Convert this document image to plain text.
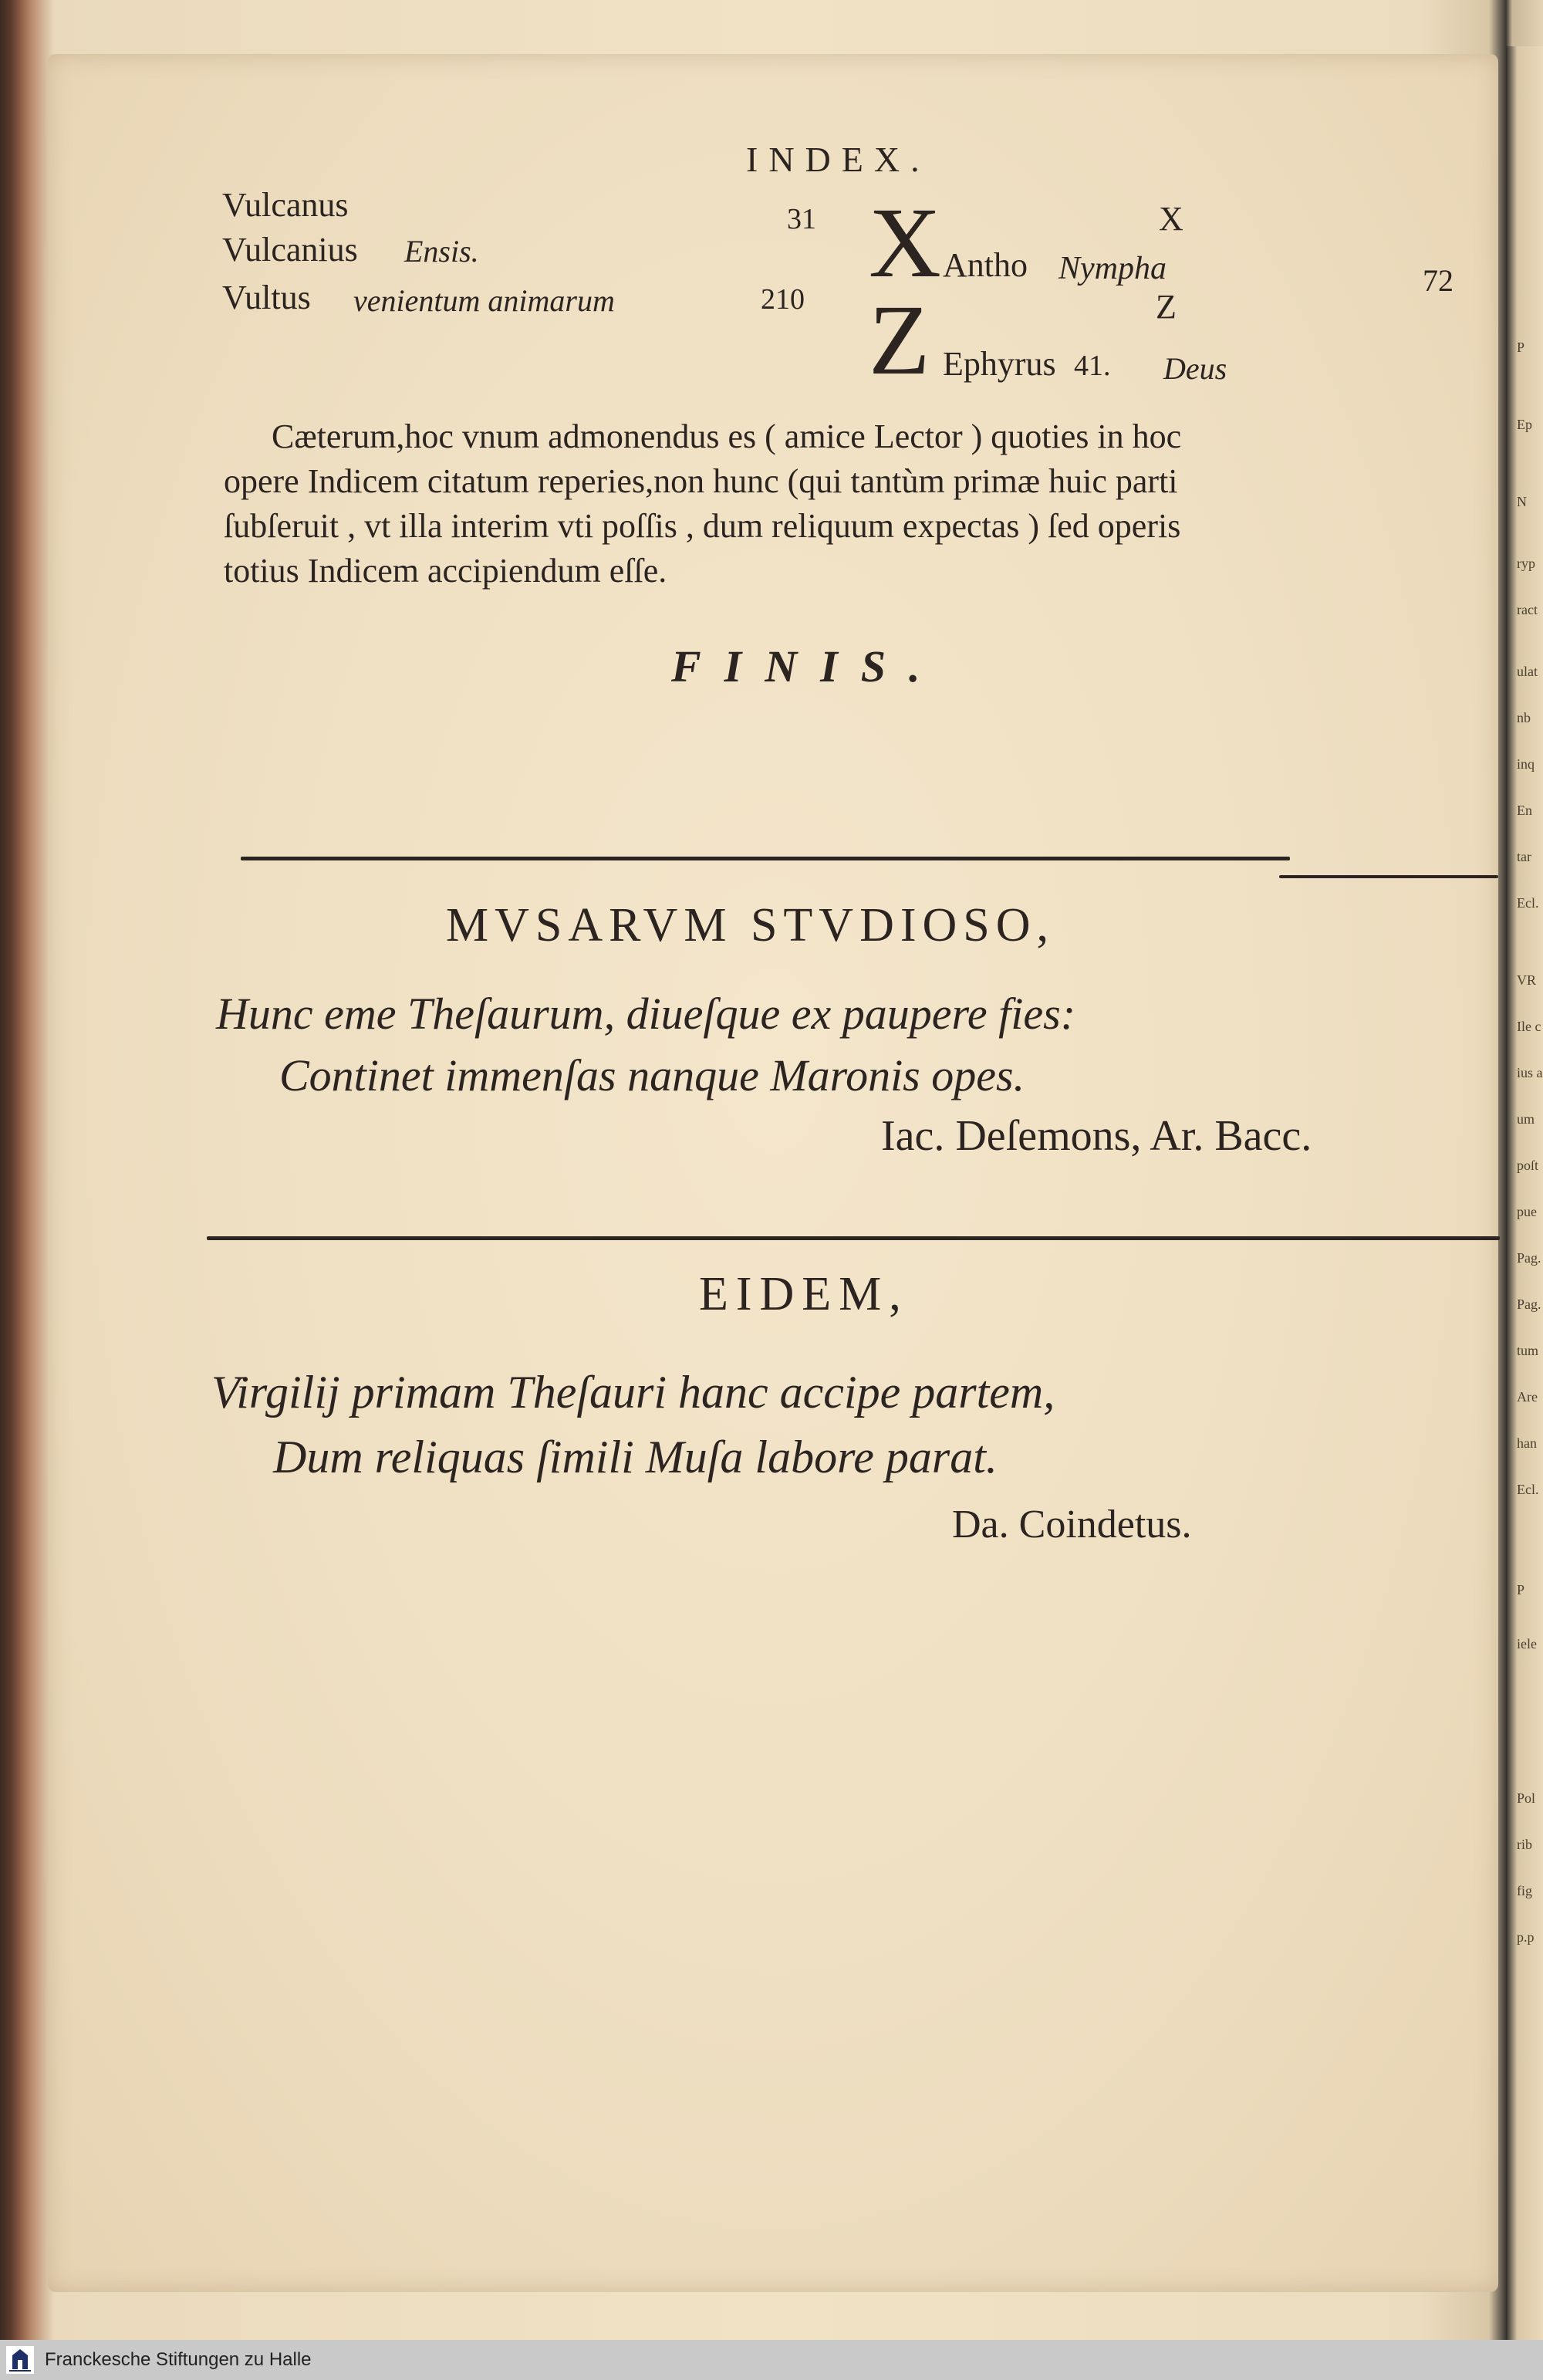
INDEX.
72
Vulcanus	31
Vulcanius Ensis.
Vultus venientum animarum	210
X
X Antho Nympha
Z
Z Ephyrus 41. Deus
Cæterum,hoc vnum admonendus es ( amice Lector ) quoties in hoc
opere Indicem citatum reperies,non hunc (qui tantùm primæ huic parti
ſubſeruit , vt illa interim vti poſſis , dum reliquum expectas ) ſed operis
totius Indicem accipiendum eſſe.
FINIS.
MVSARVM STVDIOSO,
Hunc eme Theſaurum, diueſque ex paupere fies:
Continet immenſas nanque Maronis opes.
Iac. Deſemons, Ar. Bacc.
EIDEM,
Virgilij primam Theſauri hanc accipe partem,
Dum reliquas ſimili Muſa labore parat.
Da. Coindetus.
P
Ep
N
ryp
ract
ulat
nb
inq
En
tar
Ecl.
VR
Ile c
ius a
um
poſt
pue
Pag.
Pag.
tum
Are
han
Ecl.
P
iele
Pol
rib
fig
p.p
Franckesche Stiftungen zu Halle
